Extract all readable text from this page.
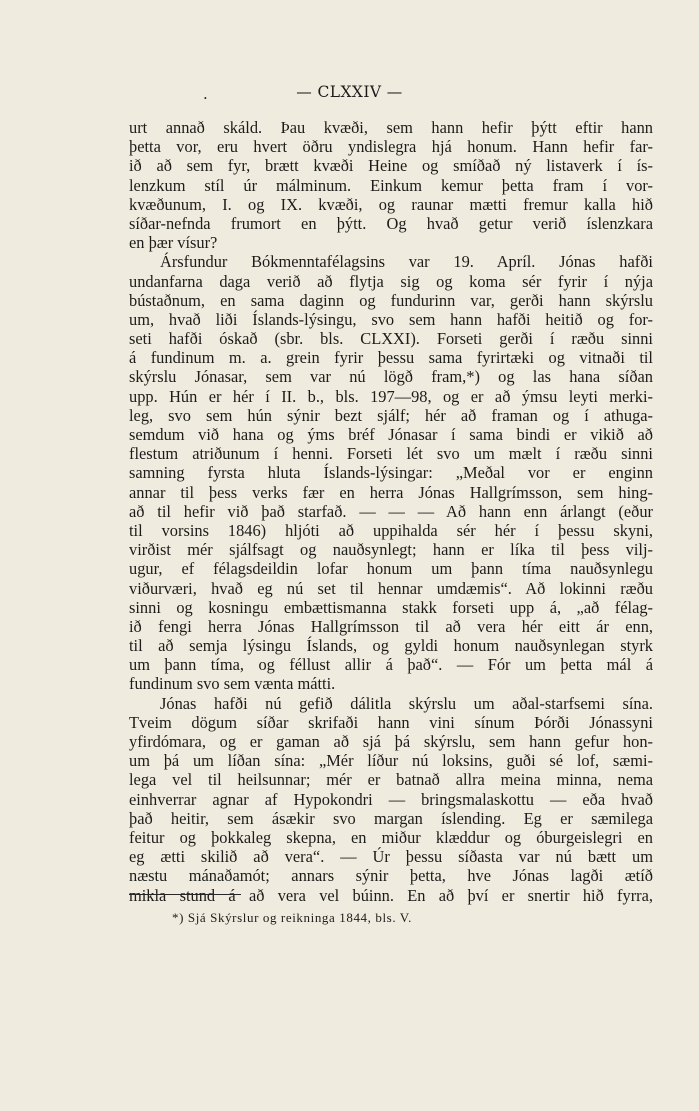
.	— CLXXIV —
urt annað skáld. Þau kvæði, sem hann hefir þýtt eftir hann
þetta vor, eru hvert öðru yndislegra hjá honum. Hann hefir far-
ið að sem fyr, brætt kvæði Heine og smíðað ný listaverk í ís-
lenzkum stíl úr málminum. Einkum kemur þetta fram í vor-
kvæðunum, I. og IX. kvæði, og raunar mætti fremur kalla hið
síðar-nefnda frumort en þýtt. Og hvað getur verið íslenzkara
en þær vísur?
Ársfundur Bókmenntafélagsins var 19. Apríl. Jónas hafði
undanfarna daga verið að flytja sig og koma sér fyrir í nýja
bústaðnum, en sama daginn og fundurinn var, gerði hann skýrslu
um, hvað liði Íslands-lýsingu, svo sem hann hafði heitið og for-
seti hafði óskað (sbr. bls. CLXXI). Forseti gerði í ræðu sinni
á fundinum m. a. grein fyrir þessu sama fyrirtæki og vitnaði til
skýrslu Jónasar, sem var nú lögð fram,*) og las hana síðan
upp. Hún er hér í II. b., bls. 197—98, og er að ýmsu leyti merki-
leg, svo sem hún sýnir bezt sjálf; hér að framan og í athuga-
semdum við hana og ýms bréf Jónasar í sama bindi er vikið að
flestum atriðunum í henni. Forseti lét svo um mælt í ræðu sinni
samning fyrsta hluta Íslands-lýsingar: „Meðal vor er enginn
annar til þess verks fær en herra Jónas Hallgrímsson, sem hing-
að til hefir við það starfað. — — — Að hann enn árlangt (eður
til vorsins 1846) hljóti að uppihalda sér hér í þessu skyni,
virðist mér sjálfsagt og nauðsynlegt; hann er líka til þess vilj-
ugur, ef félagsdeildin lofar honum um þann tíma nauðsynlegu
viðurværi, hvað eg nú set til hennar umdæmis“. Að lokinni ræðu
sinni og kosningu embættismanna stakk forseti upp á, „að félag-
ið fengi herra Jónas Hallgrímsson til að vera hér eitt ár enn,
til að semja lýsingu Íslands, og gyldi honum nauðsynlegan styrk
um þann tíma, og féllust allir á það“. — Fór um þetta mál á
fundinum svo sem vænta mátti.
Jónas hafði nú gefið dálitla skýrslu um aðal-starfsemi sína.
Tveim dögum síðar skrifaði hann vini sínum Þórði Jónassyni
yfirdómara, og er gaman að sjá þá skýrslu, sem hann gefur hon-
um þá um líðan sína: „Mér líður nú loksins, guði sé lof, sæmi-
lega vel til heilsunnar; mér er batnað allra meina minna, nema
einhverrar agnar af Hypokondri — bringsmalaskottu — eða hvað
það heitir, sem ásækir svo margan íslending. Eg er sæmilega
feitur og þokkaleg skepna, en miður klæddur og óburgeislegri en
eg ætti skilið að vera“. — Úr þessu síðasta var nú bætt um
næstu mánaðamót; annars sýnir þetta, hve Jónas lagði ætíð
mikla stund á að vera vel búinn. En að því er snertir hið fyrra,
*) Sjá Skýrslur og reikninga 1844, bls. V.
